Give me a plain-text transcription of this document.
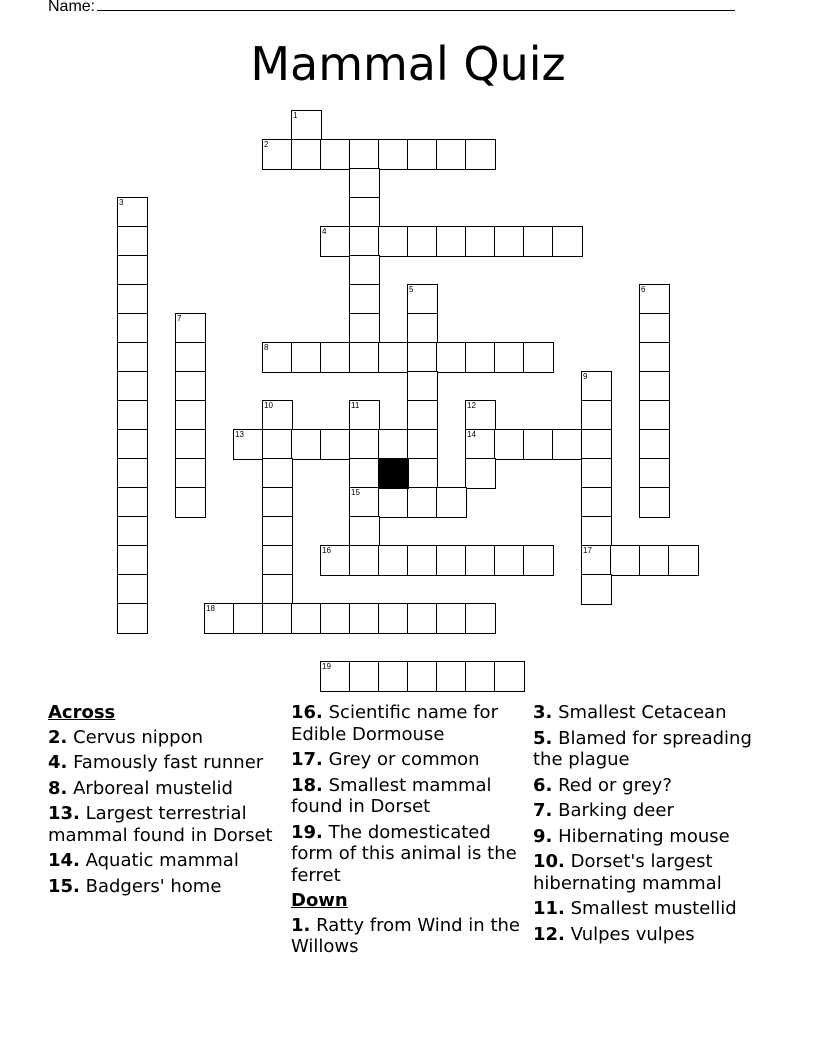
Name:
Mammal Quiz
1
2
3
4
5	6
7
8
9
10	11	12
13	14
15
16	17
18
19
Across
2. Cervus nippon
4. Famously fast runner
8. Arboreal mustelid
13. Largest terrestrial mammal found in Dorset
14. Aquatic mammal
15. Badgers' home
16. Scientific name for Edible Dormouse
17. Grey or common
18. Smallest mammal found in Dorset
19. The domesticated form of this animal is the ferret
Down
1. Ratty from Wind in the Willows
3. Smallest Cetacean
5. Blamed for spreading the plague
6. Red or grey?
7. Barking deer
9. Hibernating mouse
10. Dorset's largest hibernating mammal
11. Smallest mustellid
12. Vulpes vulpes
